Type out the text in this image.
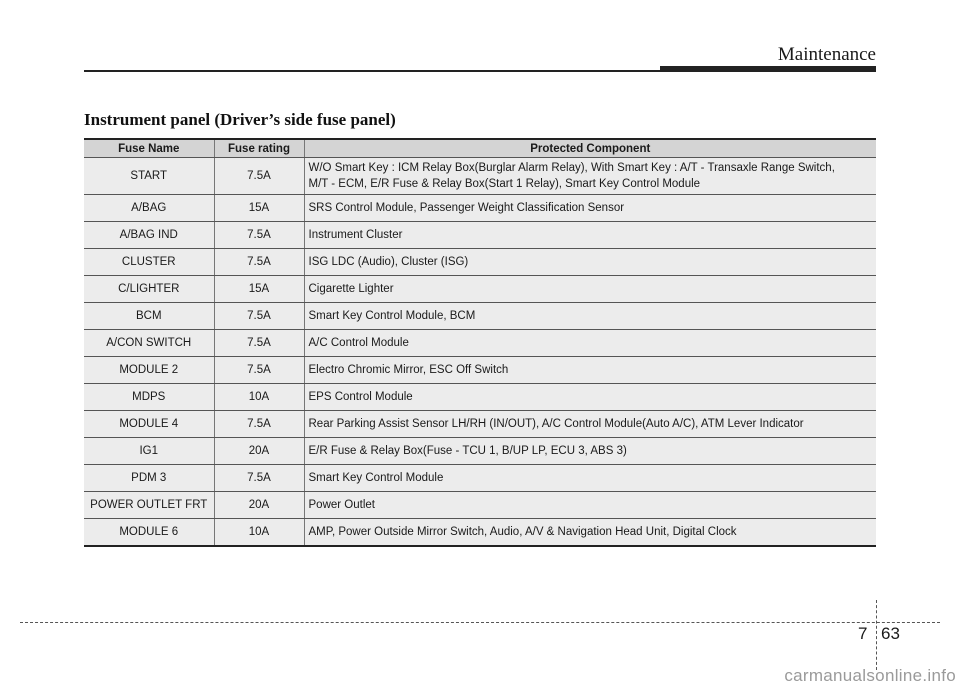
Maintenance
Instrument panel (Driver’s side fuse panel)
Fuse Name	Fuse rating	Protected Component
START	7.5A	W/O Smart Key : ICM Relay Box(Burglar Alarm Relay), With Smart Key : A/T - Transaxle Range Switch,
M/T - ECM, E/R Fuse & Relay Box(Start 1 Relay), Smart Key Control Module

A/BAG	15A	SRS Control Module, Passenger Weight Classification Sensor

A/BAG IND	7.5A	Instrument Cluster

CLUSTER	7.5A	ISG LDC (Audio), Cluster (ISG)

C/LIGHTER	15A	Cigarette Lighter

BCM	7.5A	Smart Key Control Module, BCM

A/CON SWITCH	7.5A	A/C Control Module

MODULE 2	7.5A	Electro Chromic Mirror, ESC Off Switch

MDPS	10A	EPS Control Module

MODULE 4	7.5A	Rear Parking Assist Sensor LH/RH (IN/OUT), A/C Control Module(Auto A/C), ATM Lever Indicator

IG1	20A	E/R Fuse & Relay Box(Fuse - TCU 1, B/UP LP, ECU 3, ABS 3)

PDM 3	7.5A	Smart Key Control Module

POWER OUTLET FRT	20A	Power Outlet

MODULE 6	10A	AMP, Power Outside Mirror Switch, Audio, A/V & Navigation Head Unit, Digital Clock
7 63
carmanualsonline.info
